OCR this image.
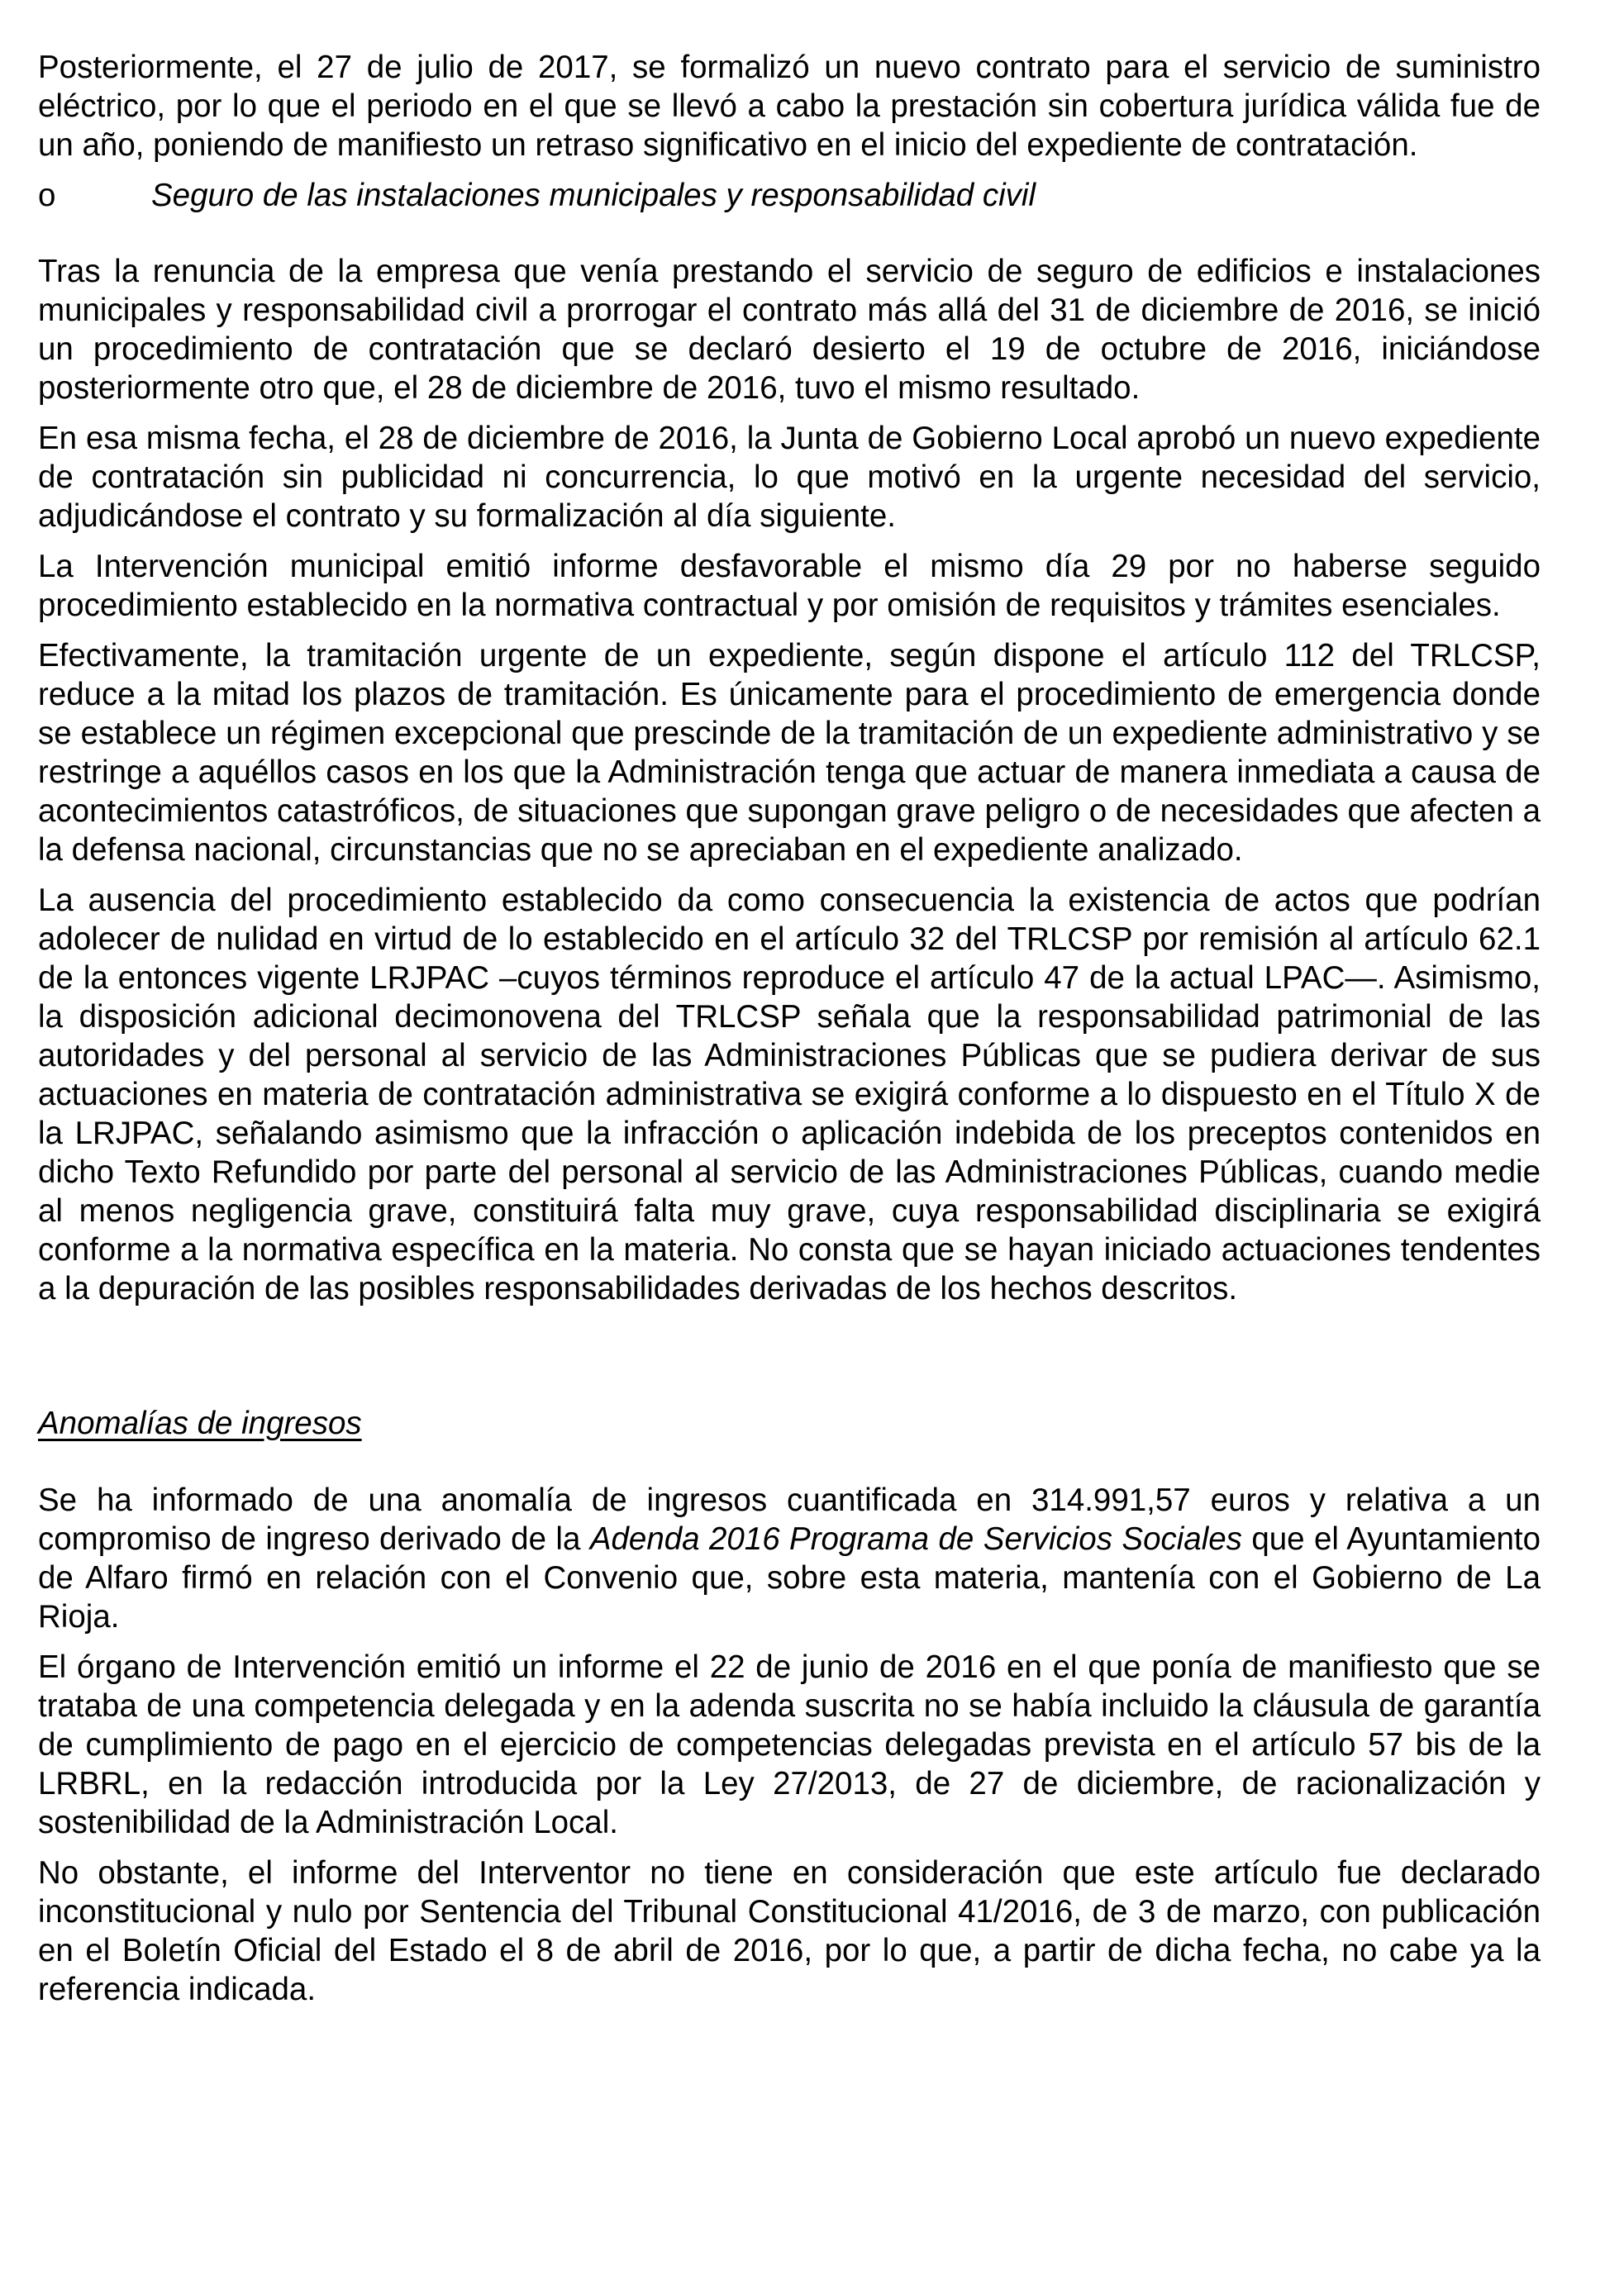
Posteriormente, el 27 de julio de 2017, se formalizó un nuevo contrato para el servicio de suministro eléctrico, por lo que el periodo en el que se llevó a cabo la prestación sin cobertura jurídica válida fue de un año, poniendo de manifiesto un retraso significativo en el inicio del expediente de contratación.

o	Seguro de las instalaciones municipales y responsabilidad civil

Tras la renuncia de la empresa que venía prestando el servicio de seguro de edificios e instalaciones municipales y responsabilidad civil a prorrogar el contrato más allá del 31 de diciembre de 2016, se inició un procedimiento de contratación que se declaró desierto el 19 de octubre de 2016, iniciándose posteriormente otro que, el 28 de diciembre de 2016, tuvo el mismo resultado.

En esa misma fecha, el 28 de diciembre de 2016, la Junta de Gobierno Local aprobó un nuevo expediente de contratación sin publicidad ni concurrencia, lo que motivó en la urgente necesidad del servicio, adjudicándose el contrato y su formalización al día siguiente.

La Intervención municipal emitió informe desfavorable el mismo día 29 por no haberse seguido procedimiento establecido en la normativa contractual y por omisión de requisitos y trámites esenciales.

Efectivamente, la tramitación urgente de un expediente, según dispone el artículo 112 del TRLCSP, reduce a la mitad los plazos de tramitación. Es únicamente para el procedimiento de emergencia donde se establece un régimen excepcional que prescinde de la tramitación de un expediente administrativo y se restringe a aquéllos casos en los que la Administración tenga que actuar de manera inmediata a causa de acontecimientos catastróficos, de situaciones que supongan grave peligro o de necesidades que afecten a la defensa nacional, circunstancias que no se apreciaban en el expediente analizado.

La ausencia del procedimiento establecido da como consecuencia la existencia de actos que podrían adolecer de nulidad en virtud de lo establecido en el artículo 32 del TRLCSP por remisión al artículo 62.1 de la entonces vigente LRJPAC –cuyos términos reproduce el artículo 47 de la actual LPAC—. Asimismo, la disposición adicional decimonovena del TRLCSP señala que la responsabilidad patrimonial de las autoridades y del personal al servicio de las Administraciones Públicas que se pudiera derivar de sus actuaciones en materia de contratación administrativa se exigirá conforme a lo dispuesto en el Título X de la LRJPAC, señalando asimismo que la infracción o aplicación indebida de los preceptos contenidos en dicho Texto Refundido por parte del personal al servicio de las Administraciones Públicas, cuando medie al menos negligencia grave, constituirá falta muy grave, cuya responsabilidad disciplinaria se exigirá conforme a la normativa específica en la materia. No consta que se hayan iniciado actuaciones tendentes a la depuración de las posibles responsabilidades derivadas de los hechos descritos.

Anomalías de ingresos

Se ha informado de una anomalía de ingresos cuantificada en 314.991,57 euros y relativa a un compromiso de ingreso derivado de la Adenda 2016 Programa de Servicios Sociales que el Ayuntamiento de Alfaro firmó en relación con el Convenio que, sobre esta materia, mantenía con el Gobierno de La Rioja.

El órgano de Intervención emitió un informe el 22 de junio de 2016 en el que ponía de manifiesto que se trataba de una competencia delegada y en la adenda suscrita no se había incluido la cláusula de garantía de cumplimiento de pago en el ejercicio de competencias delegadas prevista en el artículo 57 bis de la LRBRL, en la redacción introducida por la Ley 27/2013, de 27 de diciembre, de racionalización y sostenibilidad de la Administración Local.

No obstante, el informe del Interventor no tiene en consideración que este artículo fue declarado inconstitucional y nulo por Sentencia del Tribunal Constitucional 41/2016, de 3 de marzo, con publicación en el Boletín Oficial del Estado el 8 de abril de 2016, por lo que, a partir de dicha fecha, no cabe ya la referencia indicada.
